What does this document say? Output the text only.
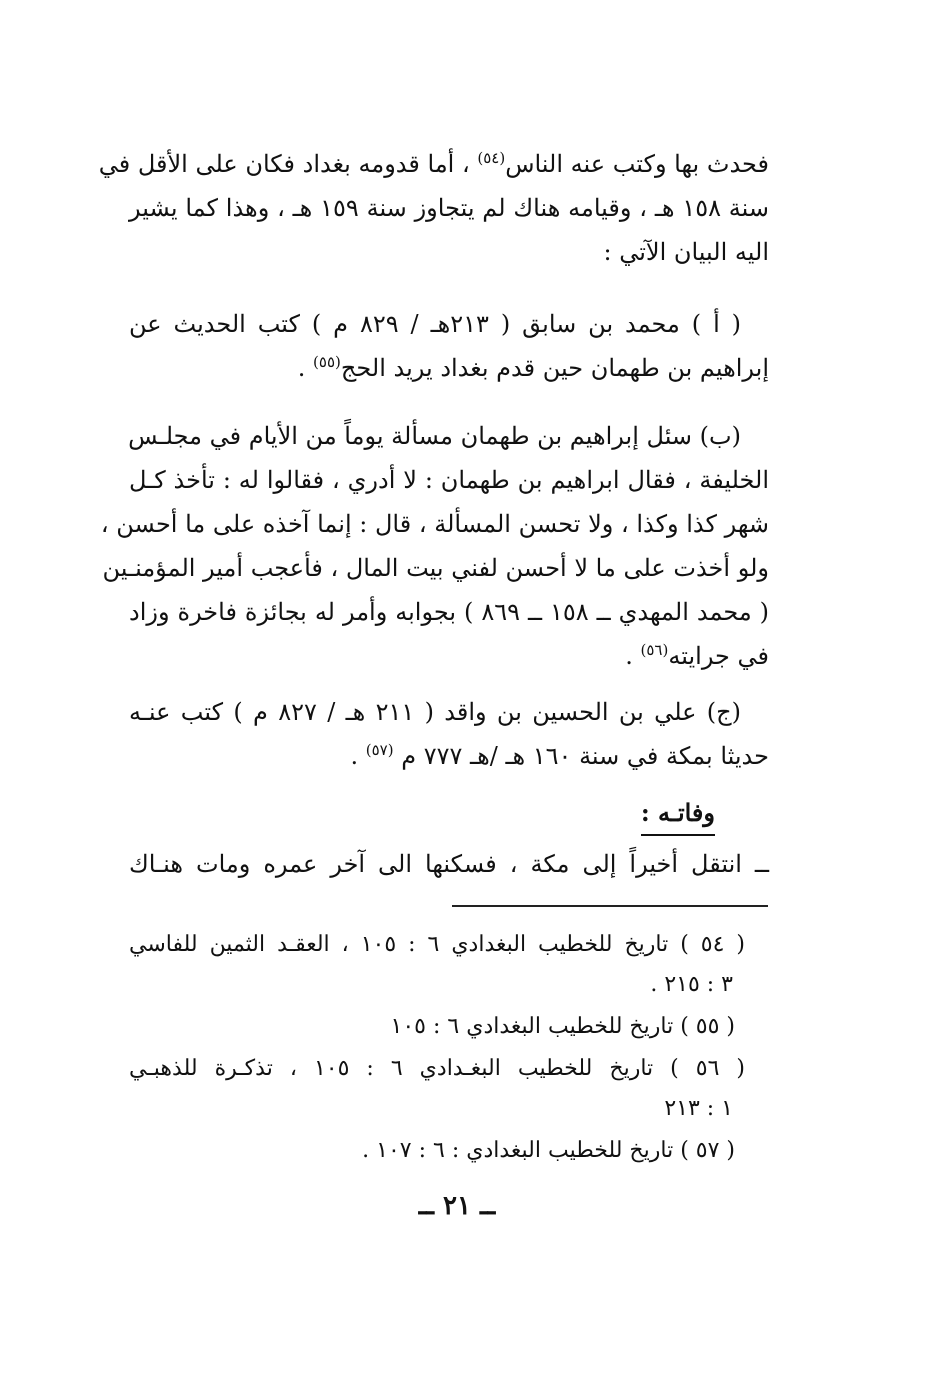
فحدث بها وكتب عنه الناس$^{(٥٤)}$ ، أما قدومه بغداد فكان على الأقل في
سنة ١٥٨ هـ ، وقيامه هناك لم يتجاوز سنة ١٥٩ هـ ، وهذا كما يشير
اليه البيان الآتي :
( أ ) محمد بن سابق ( ٢١٣هـ / ٨٢٩ م ) كتب الحديث عن
إبراهيم بن طهمان حين قدم بغداد يريد الحج$^{(٥٥)}$ .
(ب) سئل إبراهيم بن طهمان مسألة يوماً من الأيام في مجلـس
الخليفة ، فقال ابراهيم بن طهمان : لا أدري ، فقالوا له : تأخذ كـل
شهر كذا وكذا ، ولا تحسن المسألة ، قال : إنما آخذه على ما أحسن ،
ولو أخذت على ما لا أحسن لفني بيت المال ، فأعجب أمير المؤمنـين
( محمد المهدي ــ ١٥٨ ــ ٨٦٩ ) بجوابه وأمر له بجائزة فاخرة وزاد
في جرايته$^{(٥٦)}$ .
(ج) علي بن الحسين بن واقد ( ٢١١ هـ / ٨٢٧ م ) كتب عنـه
حديثا بمكة في سنة ١٦٠ هـ /هـ ٧٧٧ م $^{(٥٧)}$ .
وفاتـه :
ــ انتقل أخيراً إلى مكة ، فسكنها الى آخر عمره ومات هنـاك
( ٥٤ ) تاريخ للخطيب البغدادي ٦ : ١٠٥ ، العقـد الثمين للفاسي
٣ : ٢١٥ .
( ٥٥ ) تاريخ للخطيب البغدادي ٦ : ١٠٥
( ٥٦ ) تاريخ للخطيب البغـدادي ٦ : ١٠٥ ، تذكـرة للذهبـي
١ : ٢١٣
( ٥٧ ) تاريخ للخطيب البغدادي : ٦ : ١٠٧ .
ــ ٢١ ــ
